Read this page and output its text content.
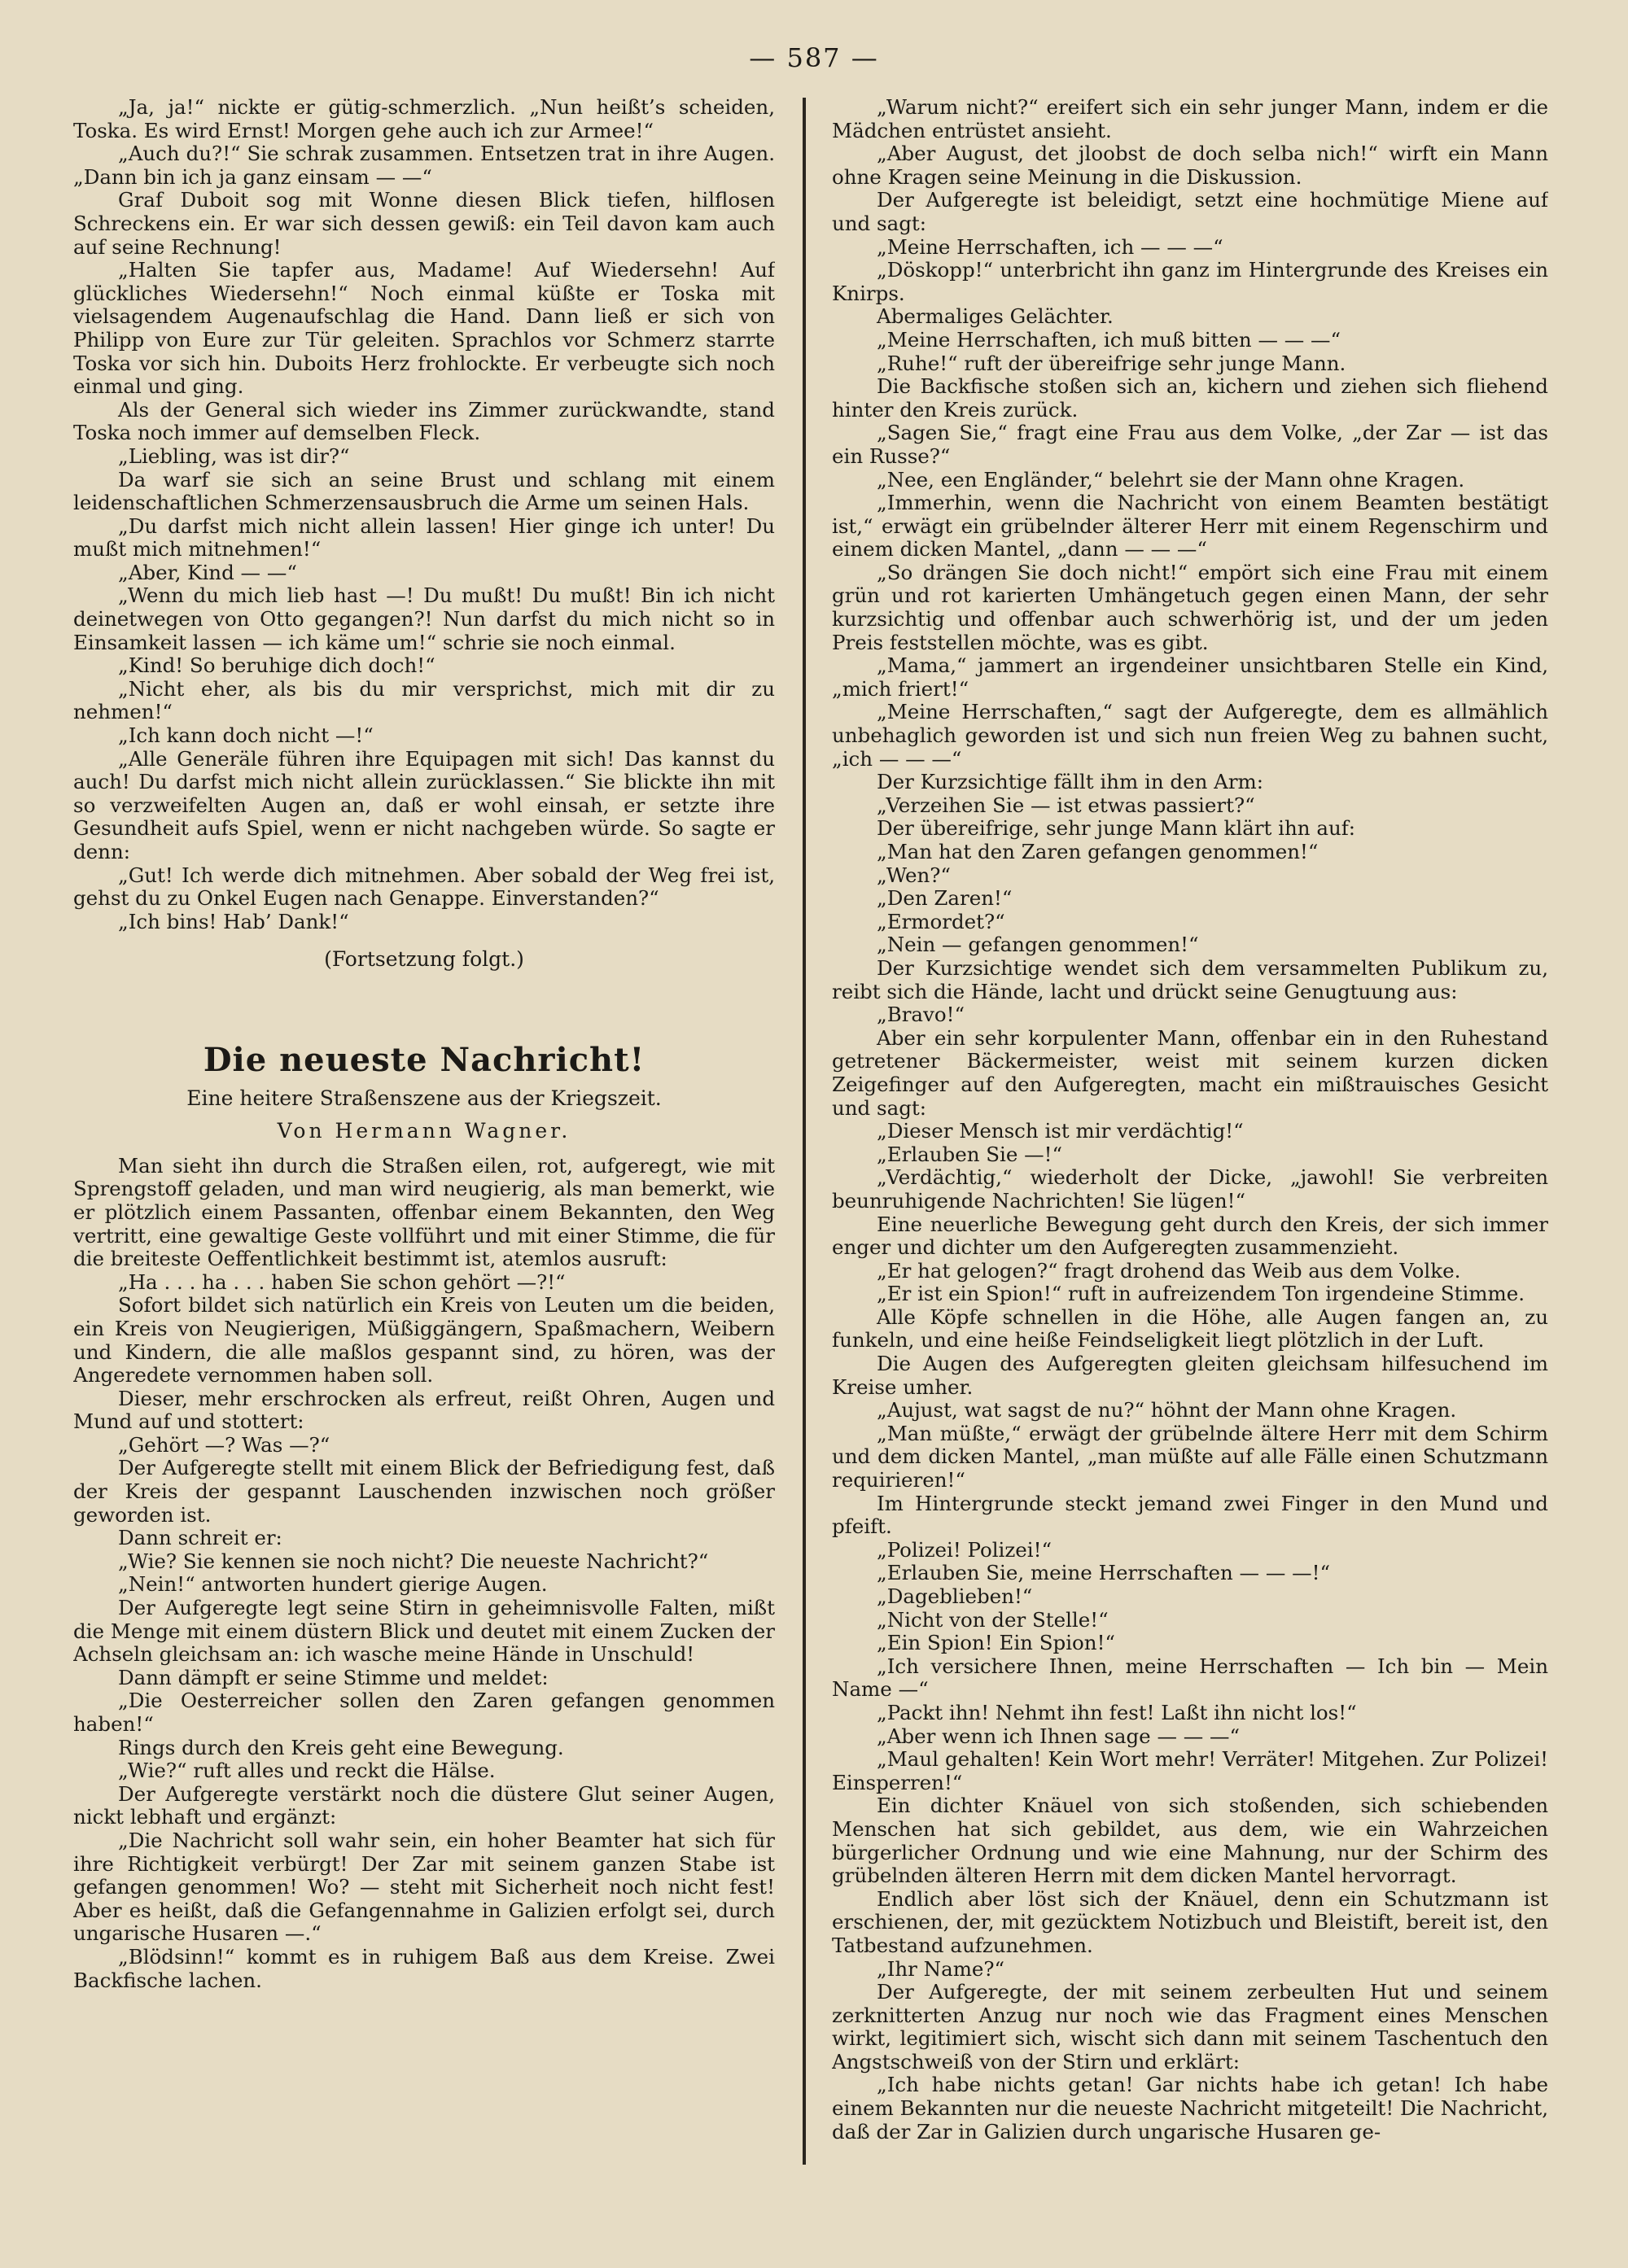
— 587 —

„Ja, ja!“ nickte er gütig-schmerzlich. „Nun heißt’s scheiden, Toska. Es wird Ernst! Morgen gehe auch ich zur Armee!“

„Auch du?!“ Sie schrak zusammen. Entsetzen trat in ihre Augen. „Dann bin ich ja ganz einsam — —“

Graf Duboit sog mit Wonne diesen Blick tiefen, hilflosen Schreckens ein. Er war sich dessen gewiß: ein Teil davon kam auch auf seine Rechnung!

„Halten Sie tapfer aus, Madame! Auf Wiedersehn! Auf glückliches Wiedersehn!“ Noch einmal küßte er Toska mit vielsagendem Augenaufschlag die Hand. Dann ließ er sich von Philipp von Eure zur Tür geleiten. Sprachlos vor Schmerz starrte Toska vor sich hin. Duboits Herz frohlockte. Er verbeugte sich noch einmal und ging.

Als der General sich wieder ins Zimmer zurückwandte, stand Toska noch immer auf demselben Fleck.

„Liebling, was ist dir?“

Da warf sie sich an seine Brust und schlang mit einem leidenschaftlichen Schmerzensausbruch die Arme um seinen Hals.

„Du darfst mich nicht allein lassen! Hier ginge ich unter! Du mußt mich mitnehmen!“

„Aber, Kind — —“

„Wenn du mich lieb hast —! Du mußt! Du mußt! Bin ich nicht deinetwegen von Otto gegangen?! Nun darfst du mich nicht so in Einsamkeit lassen — ich käme um!“ schrie sie noch einmal.

„Kind! So beruhige dich doch!“

„Nicht eher, als bis du mir versprichst, mich mit dir zu nehmen!“

„Ich kann doch nicht —!“

„Alle Generäle führen ihre Equipagen mit sich! Das kannst du auch! Du darfst mich nicht allein zurücklassen.“ Sie blickte ihn mit so verzweifelten Augen an, daß er wohl einsah, er setzte ihre Gesundheit aufs Spiel, wenn er nicht nachgeben würde. So sagte er denn:

„Gut! Ich werde dich mitnehmen. Aber sobald der Weg frei ist, gehst du zu Onkel Eugen nach Genappe. Einverstanden?“

„Ich bins! Hab’ Dank!“

(Fortsetzung folgt.)
Die neueste Nachricht!
Eine heitere Straßenszene aus der Kriegszeit.
Von Hermann Wagner.

Man sieht ihn durch die Straßen eilen, rot, aufgeregt, wie mit Sprengstoff geladen, und man wird neugierig, als man bemerkt, wie er plötzlich einem Passanten, offenbar einem Bekannten, den Weg vertritt, eine gewaltige Geste vollführt und mit einer Stimme, die für die breiteste Oeffentlichkeit bestimmt ist, atemlos ausruft:

„Ha . . . ha . . . haben Sie schon gehört —?!“

Sofort bildet sich natürlich ein Kreis von Leuten um die beiden, ein Kreis von Neugierigen, Müßiggängern, Spaßmachern, Weibern und Kindern, die alle maßlos gespannt sind, zu hören, was der Angeredete vernommen haben soll.

Dieser, mehr erschrocken als erfreut, reißt Ohren, Augen und Mund auf und stottert:

„Gehört —? Was —?“

Der Aufgeregte stellt mit einem Blick der Befriedigung fest, daß der Kreis der gespannt Lauschenden inzwischen noch größer geworden ist.

Dann schreit er:

„Wie? Sie kennen sie noch nicht? Die neueste Nachricht?“

„Nein!“ antworten hundert gierige Augen.

Der Aufgeregte legt seine Stirn in geheimnisvolle Falten, mißt die Menge mit einem düstern Blick und deutet mit einem Zucken der Achseln gleichsam an: ich wasche meine Hände in Unschuld!

Dann dämpft er seine Stimme und meldet:

„Die Oesterreicher sollen den Zaren gefangen genommen haben!“

Rings durch den Kreis geht eine Bewegung.

„Wie?“ ruft alles und reckt die Hälse.

Der Aufgeregte verstärkt noch die düstere Glut seiner Augen, nickt lebhaft und ergänzt:

„Die Nachricht soll wahr sein, ein hoher Beamter hat sich für ihre Richtigkeit verbürgt! Der Zar mit seinem ganzen Stabe ist gefangen genommen! Wo? — steht mit Sicherheit noch nicht fest! Aber es heißt, daß die Gefangennahme in Galizien erfolgt sei, durch ungarische Husaren —.“

„Blödsinn!“ kommt es in ruhigem Baß aus dem Kreise. Zwei Backfische lachen.

„Warum nicht?“ ereifert sich ein sehr junger Mann, indem er die Mädchen entrüstet ansieht.

„Aber August, det jloobst de doch selba nich!“ wirft ein Mann ohne Kragen seine Meinung in die Diskussion.

Der Aufgeregte ist beleidigt, setzt eine hochmütige Miene auf und sagt:

„Meine Herrschaften, ich — — —“

„Döskopp!“ unterbricht ihn ganz im Hintergrunde des Kreises ein Knirps.

Abermaliges Gelächter.

„Meine Herrschaften, ich muß bitten — — —“

„Ruhe!“ ruft der übereifrige sehr junge Mann.

Die Backfische stoßen sich an, kichern und ziehen sich fliehend hinter den Kreis zurück.

„Sagen Sie,“ fragt eine Frau aus dem Volke, „der Zar — ist das ein Russe?“

„Nee, een Engländer,“ belehrt sie der Mann ohne Kragen.

„Immerhin, wenn die Nachricht von einem Beamten bestätigt ist,“ erwägt ein grübelnder älterer Herr mit einem Regenschirm und einem dicken Mantel, „dann — — —“

„So drängen Sie doch nicht!“ empört sich eine Frau mit einem grün und rot karierten Umhängetuch gegen einen Mann, der sehr kurzsichtig und offenbar auch schwerhörig ist, und der um jeden Preis feststellen möchte, was es gibt.

„Mama,“ jammert an irgendeiner unsichtbaren Stelle ein Kind, „mich friert!“

„Meine Herrschaften,“ sagt der Aufgeregte, dem es allmählich unbehaglich geworden ist und sich nun freien Weg zu bahnen sucht, „ich — — —“

Der Kurzsichtige fällt ihm in den Arm:

„Verzeihen Sie — ist etwas passiert?“

Der übereifrige, sehr junge Mann klärt ihn auf:

„Man hat den Zaren gefangen genommen!“

„Wen?“

„Den Zaren!“

„Ermordet?“

„Nein — gefangen genommen!“

Der Kurzsichtige wendet sich dem versammelten Publikum zu, reibt sich die Hände, lacht und drückt seine Genugtuung aus:

„Bravo!“

Aber ein sehr korpulenter Mann, offenbar ein in den Ruhestand getretener Bäckermeister, weist mit seinem kurzen dicken Zeigefinger auf den Aufgeregten, macht ein mißtrauisches Gesicht und sagt:

„Dieser Mensch ist mir verdächtig!“

„Erlauben Sie —!“

„Verdächtig,“ wiederholt der Dicke, „jawohl! Sie verbreiten beunruhigende Nachrichten! Sie lügen!“

Eine neuerliche Bewegung geht durch den Kreis, der sich immer enger und dichter um den Aufgeregten zusammenzieht.

„Er hat gelogen?“ fragt drohend das Weib aus dem Volke.

„Er ist ein Spion!“ ruft in aufreizendem Ton irgendeine Stimme.

Alle Köpfe schnellen in die Höhe, alle Augen fangen an, zu funkeln, und eine heiße Feindseligkeit liegt plötzlich in der Luft.

Die Augen des Aufgeregten gleiten gleichsam hilfesuchend im Kreise umher.

„Aujust, wat sagst de nu?“ höhnt der Mann ohne Kragen.

„Man müßte,“ erwägt der grübelnde ältere Herr mit dem Schirm und dem dicken Mantel, „man müßte auf alle Fälle einen Schutzmann requirieren!“

Im Hintergrunde steckt jemand zwei Finger in den Mund und pfeift.

„Polizei! Polizei!“

„Erlauben Sie, meine Herrschaften — — —!“

„Dageblieben!“

„Nicht von der Stelle!“

„Ein Spion! Ein Spion!“

„Ich versichere Ihnen, meine Herrschaften — Ich bin — Mein Name —“

„Packt ihn! Nehmt ihn fest! Laßt ihn nicht los!“

„Aber wenn ich Ihnen sage — — —“

„Maul gehalten! Kein Wort mehr! Verräter! Mitgehen. Zur Polizei! Einsperren!“

Ein dichter Knäuel von sich stoßenden, sich schiebenden Menschen hat sich gebildet, aus dem, wie ein Wahrzeichen bürgerlicher Ordnung und wie eine Mahnung, nur der Schirm des grübelnden älteren Herrn mit dem dicken Mantel hervorragt.

Endlich aber löst sich der Knäuel, denn ein Schutzmann ist erschienen, der, mit gezücktem Notizbuch und Bleistift, bereit ist, den Tatbestand aufzunehmen.

„Ihr Name?“

Der Aufgeregte, der mit seinem zerbeulten Hut und seinem zerknitterten Anzug nur noch wie das Fragment eines Menschen wirkt, legitimiert sich, wischt sich dann mit seinem Taschentuch den Angstschweiß von der Stirn und erklärt:

„Ich habe nichts getan! Gar nichts habe ich getan! Ich habe einem Bekannten nur die neueste Nachricht mitgeteilt! Die Nachricht, daß der Zar in Galizien durch ungarische Husaren ge-
